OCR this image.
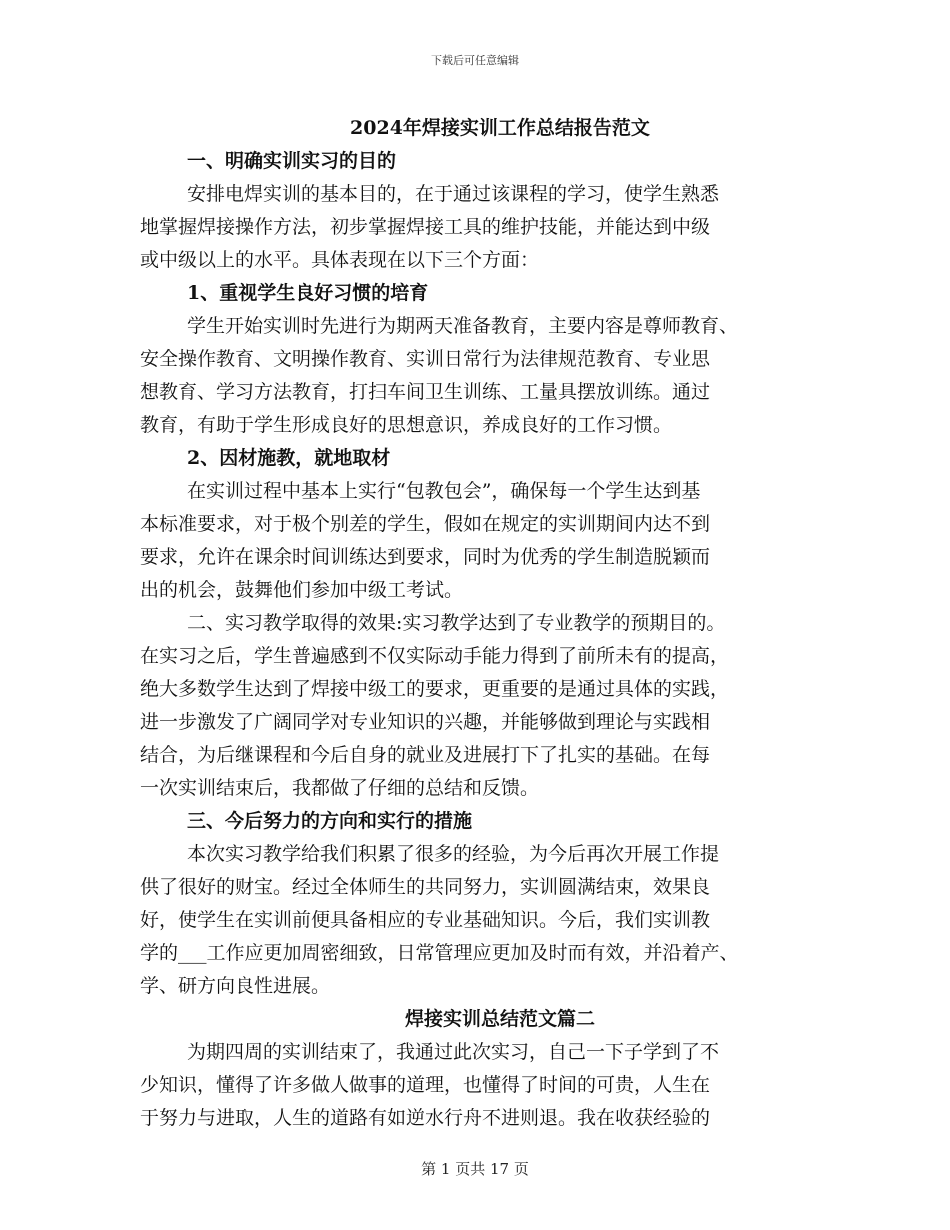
下载后可任意编辑
2024年焊接实训工作总结报告范文
一、明确实训实习的目的
安排电焊实训的基本目的，在于通过该课程的学习，使学生熟悉
地掌握焊接操作方法，初步掌握焊接工具的维护技能，并能达到中级
或中级以上的水平。具体表现在以下三个方面：
1、重视学生良好习惯的培育
学生开始实训时先进行为期两天准备教育，主要内容是尊师教育、
安全操作教育、文明操作教育、实训日常行为法律规范教育、专业思
想教育、学习方法教育，打扫车间卫生训练、工量具摆放训练。通过
教育，有助于学生形成良好的思想意识，养成良好的工作习惯。
2、因材施教，就地取材
在实训过程中基本上实行“包教包会”，确保每一个学生达到基
本标准要求，对于极个别差的学生，假如在规定的实训期间内达不到
要求，允许在课余时间训练达到要求，同时为优秀的学生制造脱颖而
出的机会，鼓舞他们参加中级工考试。
二、实习教学取得的效果:实习教学达到了专业教学的预期目的。
在实习之后，学生普遍感到不仅实际动手能力得到了前所未有的提高，
绝大多数学生达到了焊接中级工的要求，更重要的是通过具体的实践，
进一步激发了广阔同学对专业知识的兴趣，并能够做到理论与实践相
结合，为后继课程和今后自身的就业及进展打下了扎实的基础。在每
一次实训结束后，我都做了仔细的总结和反馈。
三、今后努力的方向和实行的措施
本次实习教学给我们积累了很多的经验，为今后再次开展工作提
供了很好的财宝。经过全体师生的共同努力，实训圆满结束，效果良
好，使学生在实训前便具备相应的专业基础知识。今后，我们实训教
学的___工作应更加周密细致，日常管理应更加及时而有效，并沿着产、
学、研方向良性进展。
焊接实训总结范文篇二
为期四周的实训结束了，我通过此次实习，自己一下子学到了不
少知识，懂得了许多做人做事的道理，也懂得了时间的可贵，人生在
于努力与进取，人生的道路有如逆水行舟不进则退。我在收获经验的
第 1 页共 17 页
